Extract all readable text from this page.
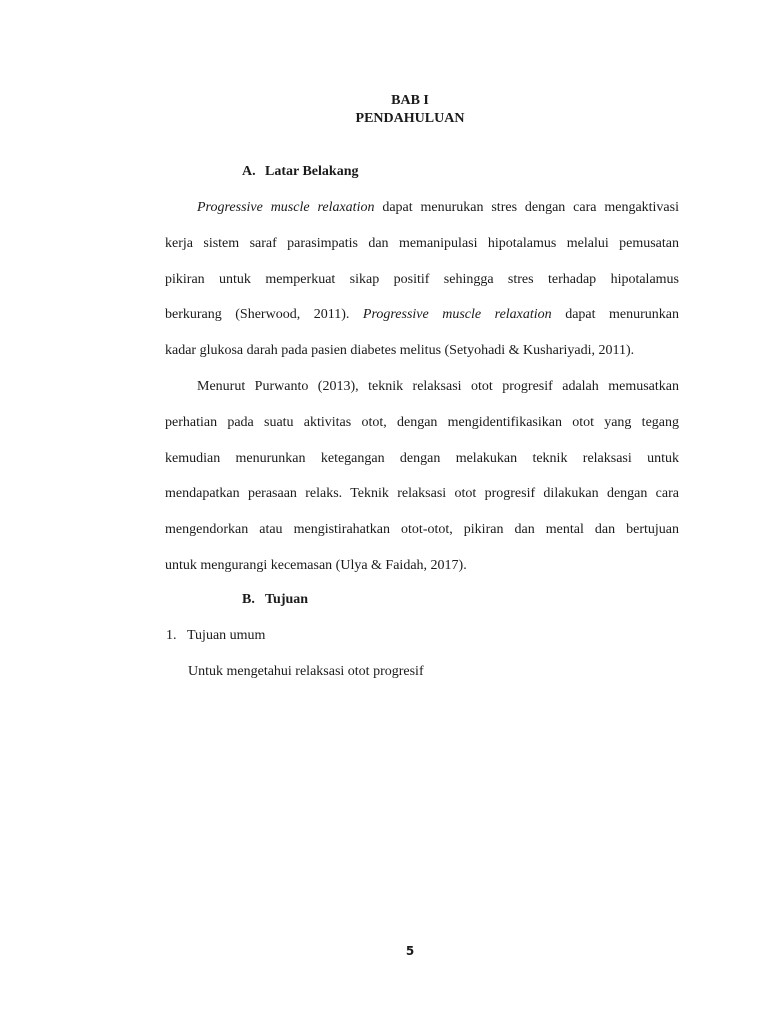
BAB I
PENDAHULUAN
A. Latar Belakang
Progressive muscle relaxation dapat menurukan stres dengan cara mengaktivasi
kerja sistem saraf parasimpatis dan memanipulasi hipotalamus melalui pemusatan
pikiran untuk memperkuat sikap positif sehingga stres terhadap hipotalamus
berkurang (Sherwood, 2011). Progressive muscle relaxation dapat menurunkan
kadar glukosa darah pada pasien diabetes melitus (Setyohadi & Kushariyadi, 2011).
Menurut Purwanto (2013), teknik relaksasi otot progresif adalah memusatkan
perhatian pada suatu aktivitas otot, dengan mengidentifikasikan otot yang tegang
kemudian menurunkan ketegangan dengan melakukan teknik relaksasi untuk
mendapatkan perasaan relaks. Teknik relaksasi otot progresif dilakukan dengan cara
mengendorkan atau mengistirahatkan otot-otot, pikiran dan mental dan bertujuan
untuk mengurangi kecemasan (Ulya & Faidah, 2017).
B. Tujuan
1. Tujuan umum
Untuk mengetahui relaksasi otot progresif
5
